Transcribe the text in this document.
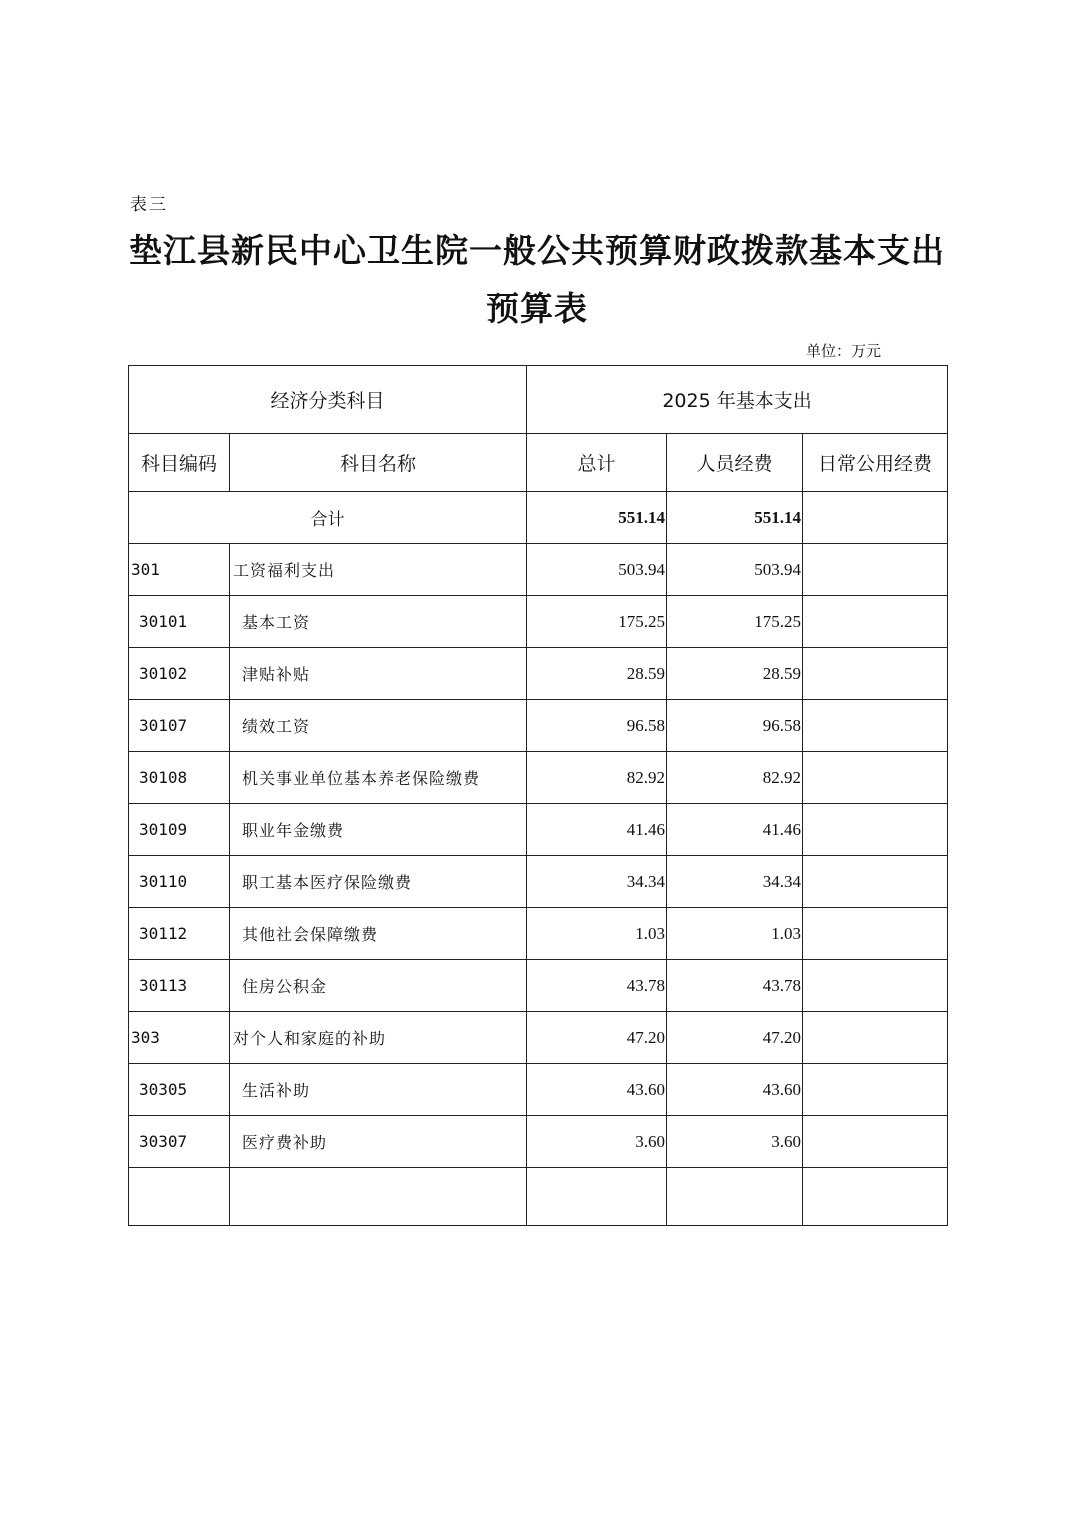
表三
垫江县新民中心卫生院一般公共预算财政拨款基本支出预算表
单位：万元
经济分类科目		2025 年基本支出		
科目编码	科目名称	总计	人员经费	日常公用经费
合计		551.14	551.14	
301	工资福利支出	503.94	503.94	
30101	基本工资	175.25	175.25	
30102	津贴补贴	28.59	28.59	
30107	绩效工资	96.58	96.58	
30108	机关事业单位基本养老保险缴费	82.92	82.92	
30109	职业年金缴费	41.46	41.46	
30110	职工基本医疗保险缴费	34.34	34.34	
30112	其他社会保障缴费	1.03	1.03	
30113	住房公积金	43.78	43.78	
303	对个人和家庭的补助	47.20	47.20	
30305	生活补助	43.60	43.60	
30307	医疗费补助	3.60	3.60	
